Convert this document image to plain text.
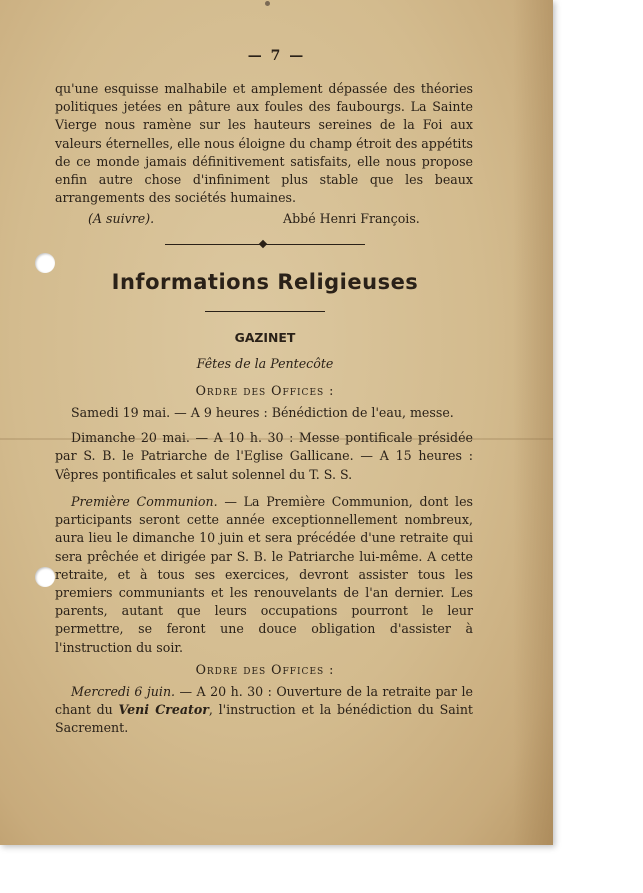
— 7 —

qu'une esquisse malhabile et amplement dépassée des théories politiques jetées en pâture aux foules des faubourgs. La Sainte Vierge nous ramène sur les hauteurs sereines de la Foi aux valeurs éternelles, elle nous éloigne du champ étroit des appétits de ce monde jamais définitivement satisfaits, elle nous propose enfin autre chose d'infiniment plus stable que les beaux arrangements des sociétés humaines.

(A suivre).	Abbé Henri François.
Informations Religieuses
GAZINET
Fêtes de la Pentecôte
Ordre des Offices :

Samedi 19 mai. — A 9 heures : Bénédiction de l'eau, messe.

Dimanche 20 mai. — A 10 h. 30 : Messe pontificale présidée par S. B. le Patriarche de l'Eglise Gallicane. — A 15 heures : Vêpres pontificales et salut solennel du T. S. S.

Première Communion. — La Première Communion, dont les participants seront cette année exceptionnellement nombreux, aura lieu le dimanche 10 juin et sera précédée d'une retraite qui sera prêchée et dirigée par S. B. le Patriarche lui-même. A cette retraite, et à tous ses exercices, devront assister tous les premiers communiants et les renouvelants de l'an dernier. Les parents, autant que leurs occupations pourront le leur permettre, se feront une douce obligation d'assister à l'instruction du soir.

Ordre des Offices :

Mercredi 6 juin. — A 20 h. 30 : Ouverture de la retraite par le chant du Veni Creator, l'instruction et la bénédiction du Saint Sacrement.
